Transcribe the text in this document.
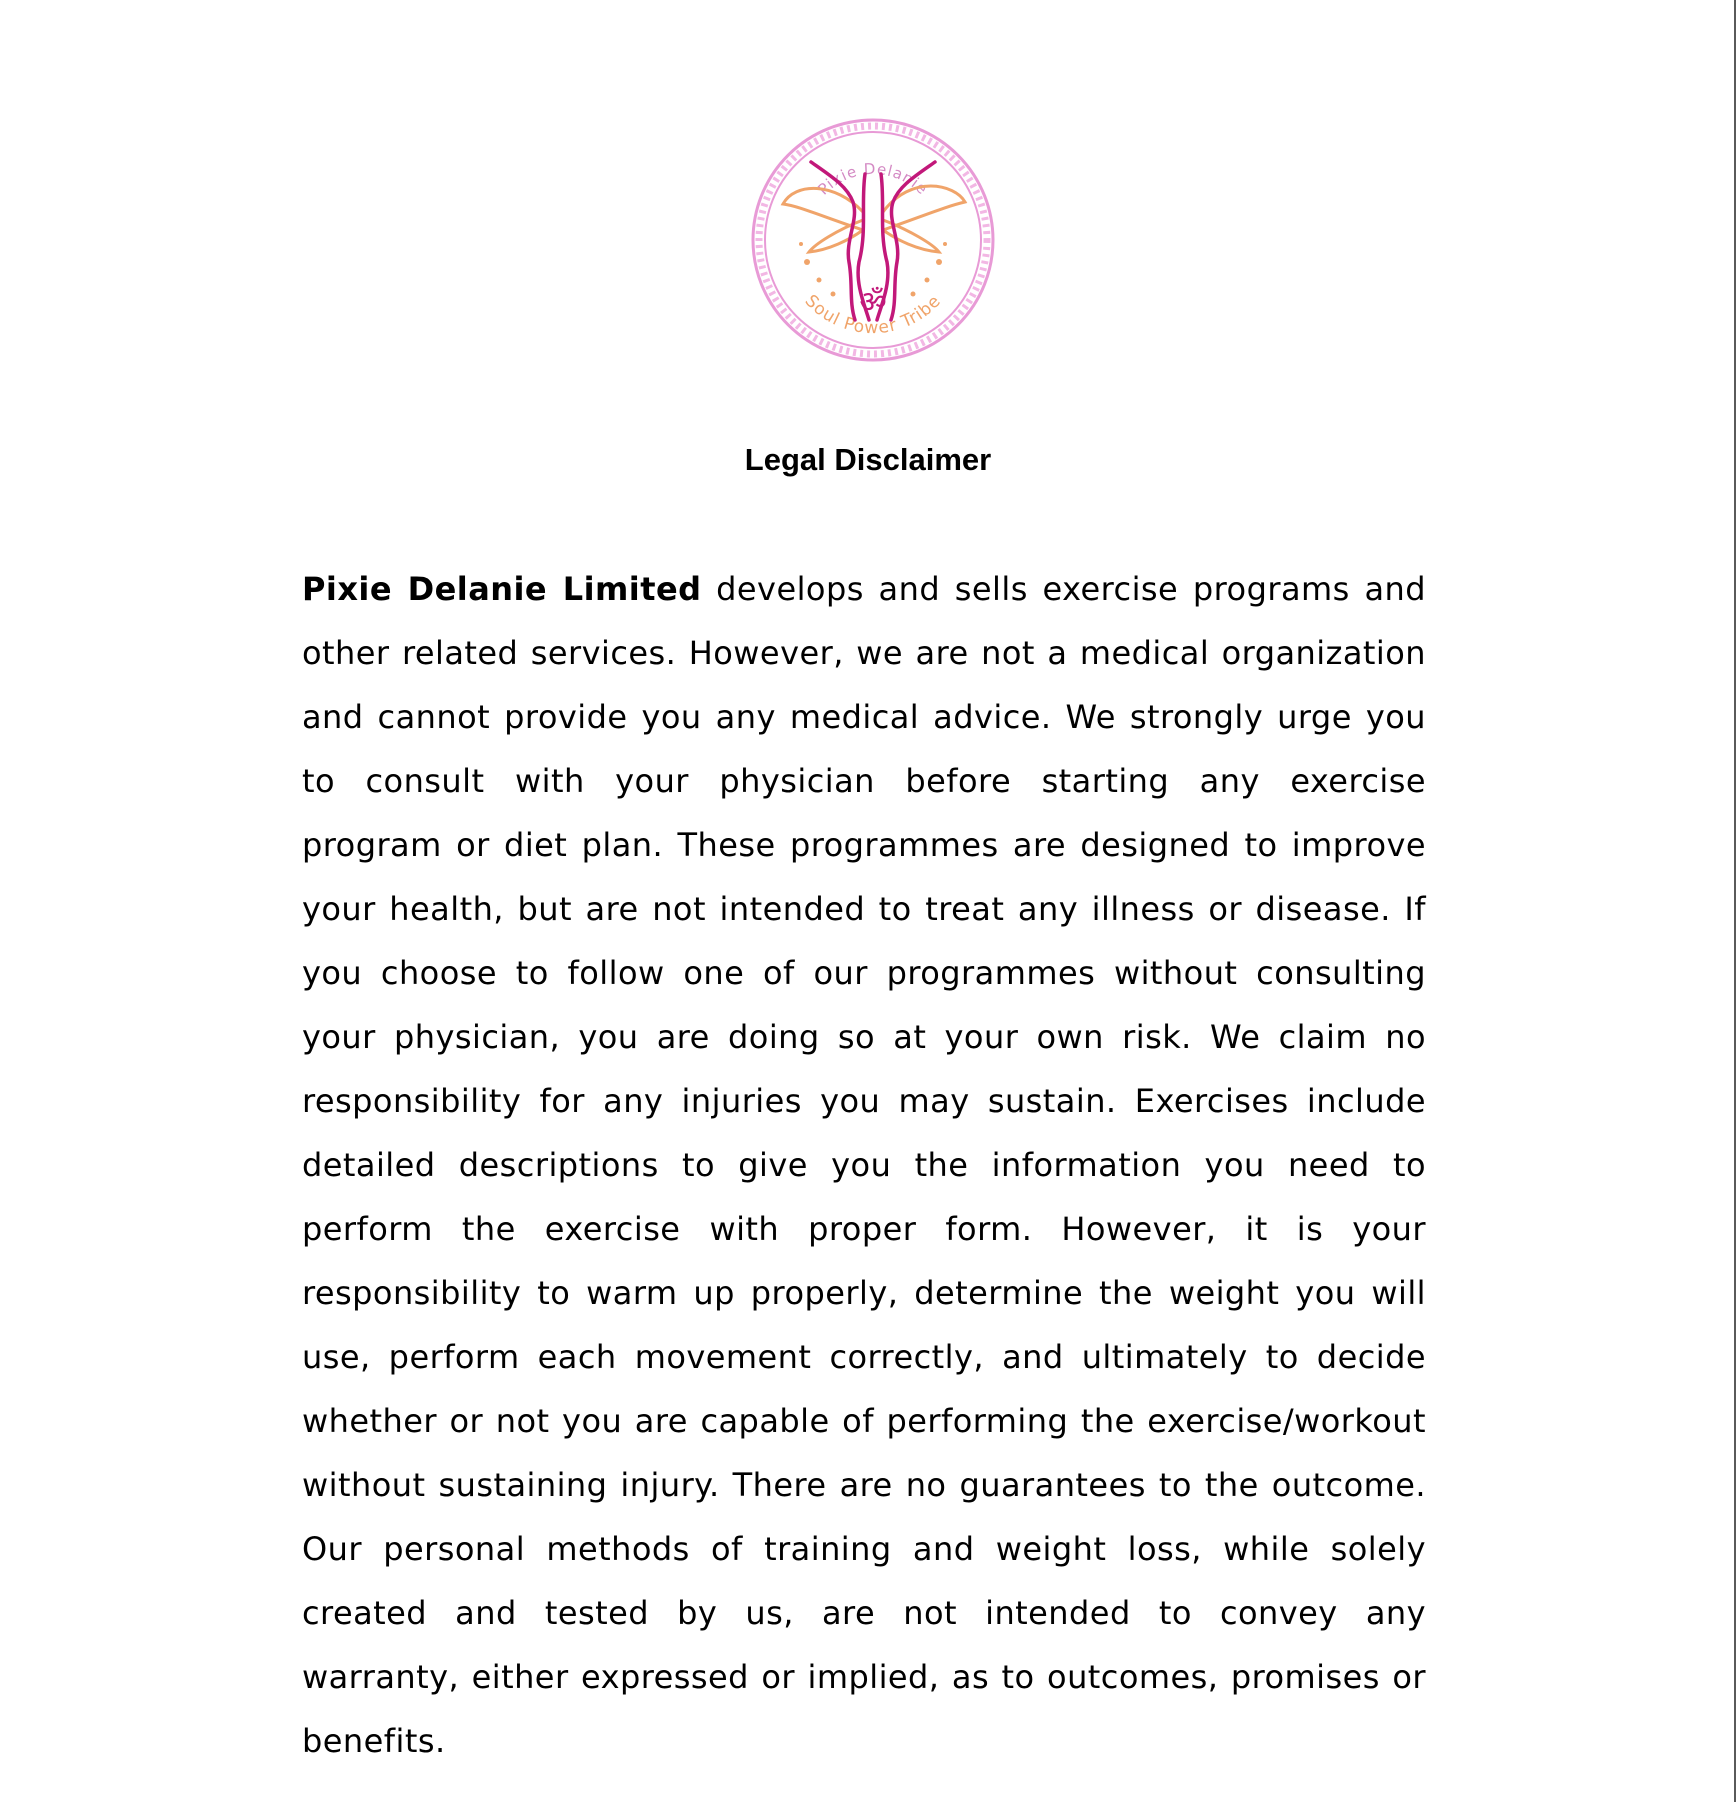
Pixie Delanie
Soul Power Tribe
ॐ
Legal Disclaimer

Pixie Delanie Limited develops and sells exercise programs and other related services. However, we are not a medical organization and cannot provide you any medical advice. We strongly urge you to consult with your physician before starting any exercise program or diet plan. These programmes are designed to improve your health, but are not intended to treat any illness or disease. If you choose to follow one of our programmes without consulting your physician, you are doing so at your own risk. We claim no responsibility for any injuries you may sustain. Exercises include detailed descriptions to give you the information you need to perform the exercise with proper form. However, it is your responsibility to warm up properly, determine the weight you will use, perform each movement correctly, and ultimately to decide whether or not you are capable of performing the exercise/workout without sustaining injury. There are no guarantees to the outcome. Our personal methods of training and weight loss, while solely created and tested by us, are not intended to convey any warranty, either expressed or implied, as to outcomes, promises or benefits.
